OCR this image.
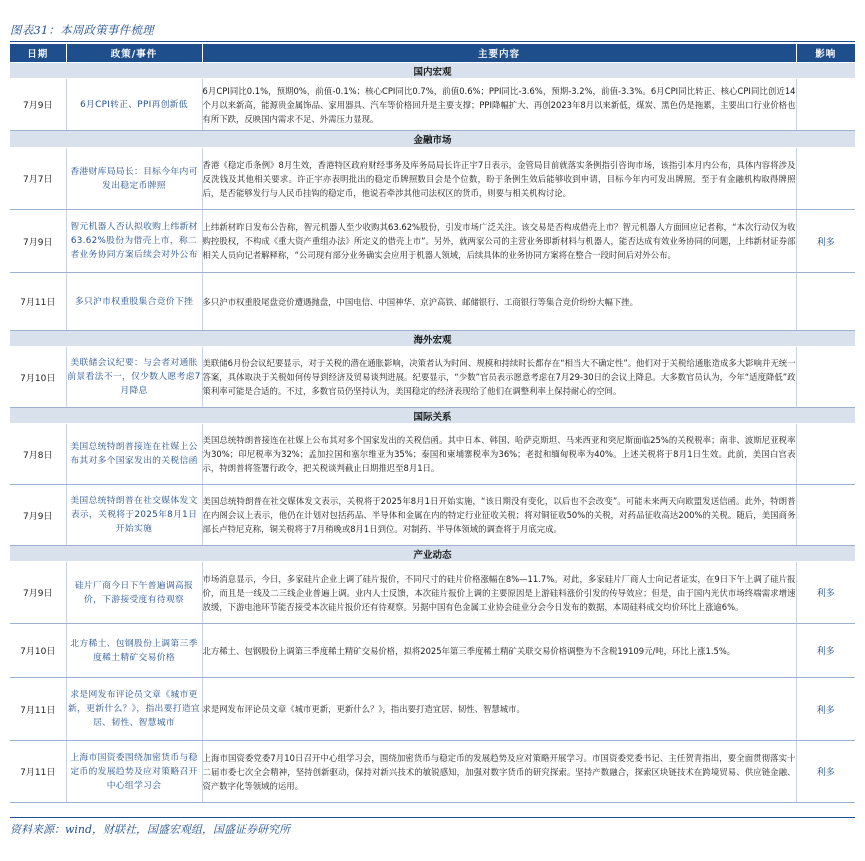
图表31：本周政策事件梳理
日期	政策/事件	主要内容	影响
国内宏观			
7月9日	6月CPI转正、PPI再创新低	6月CPI同比0.1%，预期0%，前值-0.1%；核心CPI同比0.7%，前值0.6%；PPI同比-3.6%，预期-3.2%，前值-3.3%。6月CPI同比转正、核心CPI同比创近14个月以来新高，能源贵金属饰品、家用器具、汽车等价格回升是主要支撑；PPI降幅扩大、再创2023年8月以来新低，煤炭、黑色仍是拖累，主要出口行业价格也有所下跌，反映国内需求不足、外需压力显现。	
金融市场			
7月7日	香港财库局局长：目标今年内可发出稳定币牌照	香港《稳定币条例》8月生效，香港特区政府财经事务及库务局局长许正宇7日表示，金管局目前就落实条例指引咨询市场，该指引本月内公布，具体内容将涉及反洗钱及其他相关要求。许正宇亦表明批出的稳定币牌照数目会是个位数，盼于条例生效后能够收到申请，目标今年内可发出牌照。至于有金融机构取得牌照后，是否能够发行与人民币挂钩的稳定币，他说若牵涉其他司法权区的货币，则要与相关机构讨论。	
7月9日	智元机器人否认拟收购上纬新材63.62%股份为借壳上市，称二者业务协同方案后续会对外公布	上纬新材昨日发布公告称，智元机器人至少收购其63.62%股份，引发市场广泛关注。该交易是否构成借壳上市？智元机器人方面回应记者称，“本次行动仅为收购控股权，不构成《重大资产重组办法》所定义的借壳上市”。另外，就两家公司的主营业务即新材料与机器人，能否达成有效业务协同的问题，上纬新材证券部相关人员向记者解释称，“公司现有部分业务确实会应用于机器人领域，后续具体的业务协同方案将在整合一段时间后对外公布。	利多
7月11日	多只沪市权重股集合竞价下挫	多只沪市权重股尾盘竞价遭遇抛盘，中国电信、中国神华、京沪高铁、邮储银行、工商银行等集合竞价纷纷大幅下挫。	
海外宏观			
7月10日	美联储会议纪要：与会者对通胀前景看法不一，仅少数人愿考虑7月降息	美联储6月份会议纪要显示，对于关税的潜在通胀影响，决策者认为时间、规模和持续时长都存在“相当大不确定性”。他们对于关税给通胀造成多大影响并无统一答案，具体取决于关税如何传导到经济及贸易谈判进展。纪要显示，“少数”官员表示愿意考虑在7月29-30日的会议上降息。大多数官员认为，今年“适度降低”政策利率可能是合适的。不过，多数官员仍坚持认为，美国稳定的经济表现给了他们在调整利率上保持耐心的空间。	
国际关系			
7月8日	美国总统特朗普接连在社媒上公布其对多个国家发出的关税信函	美国总统特朗普接连在社媒上公布其对多个国家发出的关税信函。其中日本、韩国、哈萨克斯坦、马来西亚和突尼斯面临25%的关税税率；南非、波斯尼亚税率为30%；印尼税率为32%；孟加拉国和塞尔维亚为35%；泰国和柬埔寨税率为36%；老挝和缅甸税率为40%。上述关税将于8月1日生效。此前，美国白宫表示，特朗普将签署行政令，把关税谈判截止日期推迟至8月1日。	
7月9日	美国总统特朗普在社交媒体发文表示，关税将于2025年8月1日开始实施	美国总统特朗普在社交媒体发文表示，关税将于2025年8月1日开始实施，“该日期没有变化，以后也不会改变”。可能未来两天向欧盟发送信函。此外，特朗普在内阁会议上表示，他仍在计划对包括药品、半导体和金属在内的特定行业征收关税；将对铜征收50%的关税，对药品征收高达200%的关税。随后，美国商务部长卢特尼克称，铜关税将于7月稍晚或8月1日到位。对制药、半导体领域的调查将于月底完成。	
产业动态			
7月9日	硅片厂商今日下午普遍调高报价，下游接受度有待观察	市场消息显示，今日，多家硅片企业上调了硅片报价，不同尺寸的硅片价格涨幅在8%—11.7%。对此，多家硅片厂商人士向记者证实，在9日下午上调了硅片报价，而且是一线及二三线企业普遍上调。业内人士反馈，本次硅片报价上调的主要原因是上游硅料涨价引发的传导效应；但是，由于国内光伏市场终端需求增速放缓，下游电池环节能否接受本次硅片报价还有待观察。另据中国有色金属工业协会硅业分会今日发布的数据，本周硅料成交均价环比上涨逾6%。	利多
7月10日	北方稀土、包钢股份上调第三季度稀土精矿交易价格	北方稀土、包钢股份上调第三季度稀土精矿交易价格，拟将2025年第三季度稀土精矿关联交易价格调整为不含税19109元/吨，环比上涨1.5%。	利多
7月11日	求是网发布评论员文章《城市更新，更新什么？》，指出要打造宜居、韧性、智慧城市	求是网发布评论员文章《城市更新，更新什么？》，指出要打造宜居、韧性、智慧城市。	利多
7月11日	上海市国资委围绕加密货币与稳定币的发展趋势及应对策略召开中心组学习会	上海市国资委党委7月10日召开中心组学习会，围绕加密货币与稳定币的发展趋势及应对策略开展学习。市国资委党委书记、主任贺青指出，要全面贯彻落实十二届市委七次全会精神，坚持创新驱动，保持对新兴技术的敏锐感知，加强对数字货币的研究探索。坚持产数融合，探索区块链技术在跨境贸易、供应链金融、资产数字化等领域的运用。	利多
资料来源：wind，财联社，国盛宏观组，国盛证券研究所
